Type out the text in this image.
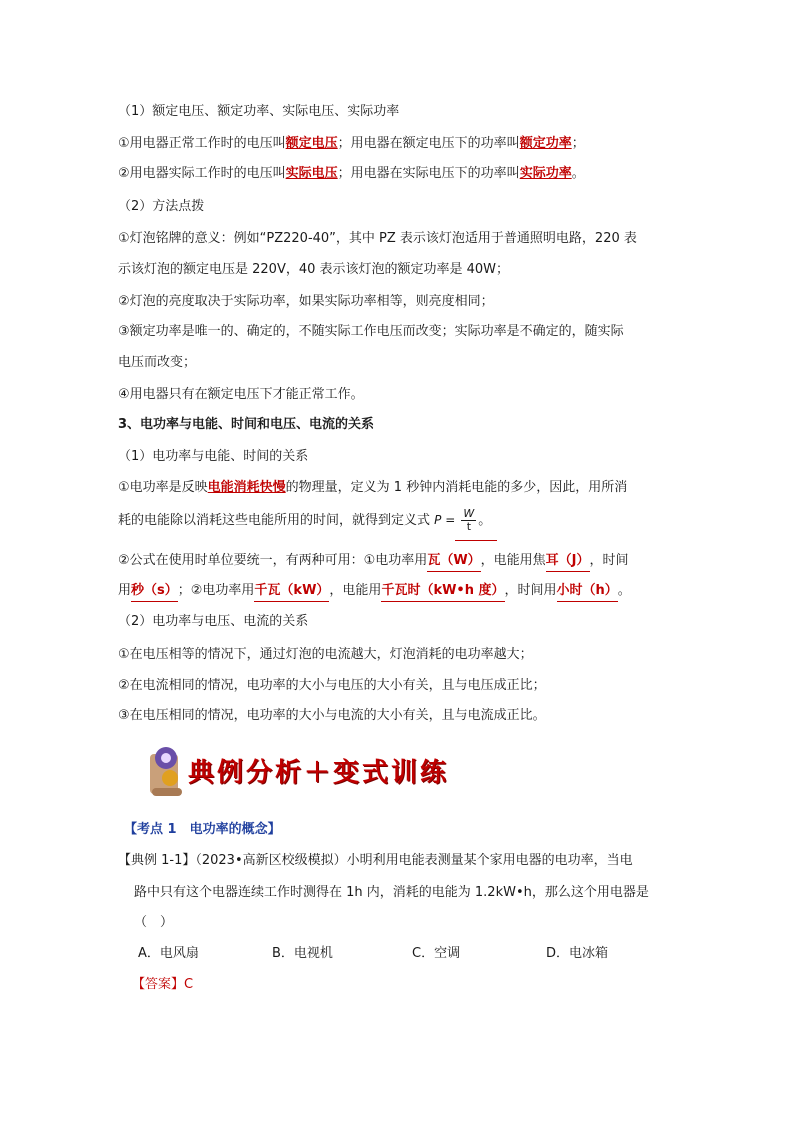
（1）额定电压、额定功率、实际电压、实际功率
①用电器正常工作时的电压叫额定电压；用电器在额定电压下的功率叫额定功率；
②用电器实际工作时的电压叫实际电压；用电器在实际电压下的功率叫实际功率。
（2）方法点拨
①灯泡铭牌的意义：例如“PZ220-40”，其中 PZ 表示该灯泡适用于普通照明电路，220 表
示该灯泡的额定电压是 220V，40 表示该灯泡的额定功率是 40W；
②灯泡的亮度取决于实际功率，如果实际功率相等，则亮度相同；
③额定功率是唯一的、确定的，不随实际工作电压而改变；实际功率是不确定的，随实际
电压而改变；
④用电器只有在额定电压下才能正常工作。
3、电功率与电能、时间和电压、电流的关系
（1）电功率与电能、时间的关系
①电功率是反映电能消耗快慢的物理量，定义为 1 秒钟内消耗电能的多少，因此，用所消
耗的电能除以消耗这些电能所用的时间，就得到定义式 $P = \frac{W}{t}$ 。
②公式在使用时单位要统一，有两种可用：①电功率用瓦（W），电能用焦耳（J），时间
用秒（s）；②电功率用千瓦（kW），电能用千瓦时（kW•h 度），时间用小时（h）。
（2）电功率与电压、电流的关系
①在电压相等的情况下，通过灯泡的电流越大，灯泡消耗的电功率越大；
②在电流相同的情况，电功率的大小与电压的大小有关，且与电压成正比；
③在电压相同的情况，电功率的大小与电流的大小有关，且与电流成正比。
典例分析＋变式训练
【考点 1　电功率的概念】
【典例 1-1】（2023•高新区校级模拟）小明利用电能表测量某个家用电器的电功率，当电
路中只有这个电器连续工作时测得在 1h 内，消耗的电能为 1.2kW•h，那么这个用电器是
（　）
A．电风扇	B．电视机	C．空调	D．电冰箱
【答案】C
